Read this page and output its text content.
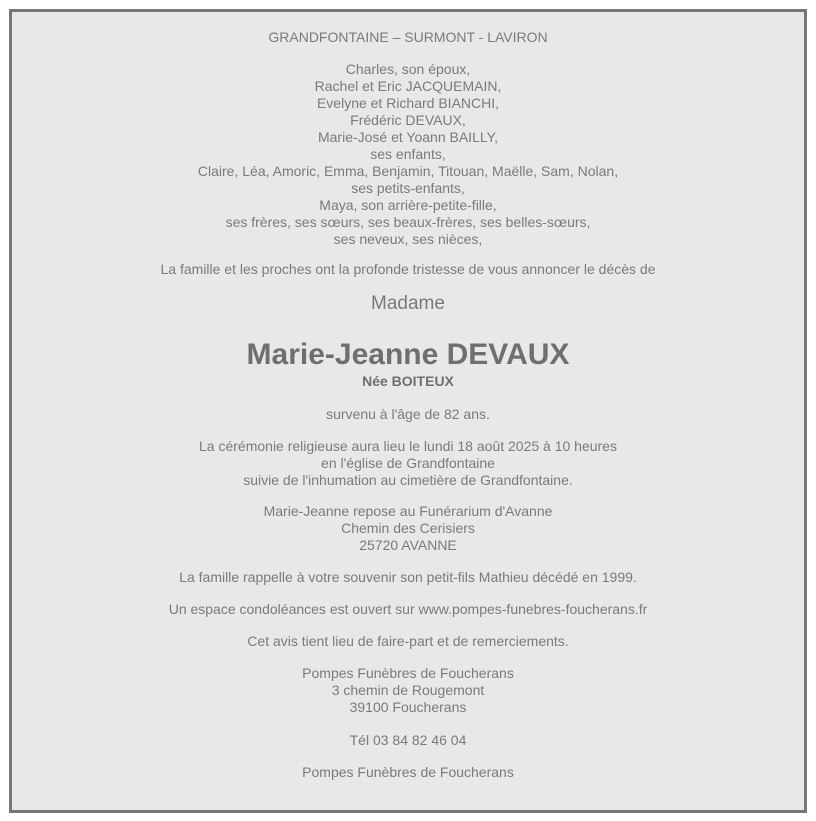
GRANDFONTAINE – SURMONT - LAVIRON
Charles, son époux,
Rachel et Eric JACQUEMAIN,
Evelyne et Richard BIANCHI,
Frédéric DEVAUX,
Marie-José et Yoann BAILLY,
ses enfants,
Claire, Léa, Amoric, Emma, Benjamin, Titouan, Maëlle, Sam, Nolan,
ses petits-enfants,
Maya, son arrière-petite-fille,
ses frères, ses sœurs, ses beaux-frères, ses belles-sœurs,
ses neveux, ses nièces,
La famille et les proches ont la profonde tristesse de vous annoncer le décès de
Madame
Marie-Jeanne DEVAUX
Née BOITEUX
survenu à l'âge de 82 ans.
La cérémonie religieuse aura lieu le lundi 18 août 2025 à 10 heures
en l'église de Grandfontaine
suivie de l'inhumation au cimetière de Grandfontaine.
Marie-Jeanne repose au Funérarium d'Avanne
Chemin des Cerisiers
25720 AVANNE
La famille rappelle à votre souvenir son petit-fils Mathieu décédé en 1999.
Un espace condoléances est ouvert sur www.pompes-funebres-foucherans.fr
Cet avis tient lieu de faire-part et de remerciements.
Pompes Funèbres de Foucherans
3 chemin de Rougemont
39100 Foucherans
Tél 03 84 82 46 04
Pompes Funèbres de Foucherans
